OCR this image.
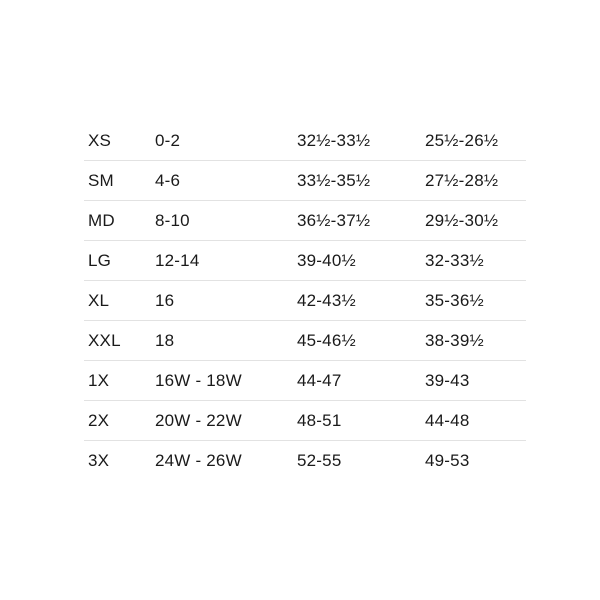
XS	0-2	32½-33½	25½-26½
SM	4-6	33½-35½	27½-28½
MD	8-10	36½-37½	29½-30½
LG	12-14	39-40½	32-33½
XL	16	42-43½	35-36½
XXL	18	45-46½	38-39½
1X	16W - 18W	44-47	39-43
2X	20W - 22W	48-51	44-48
3X	24W - 26W	52-55	49-53
